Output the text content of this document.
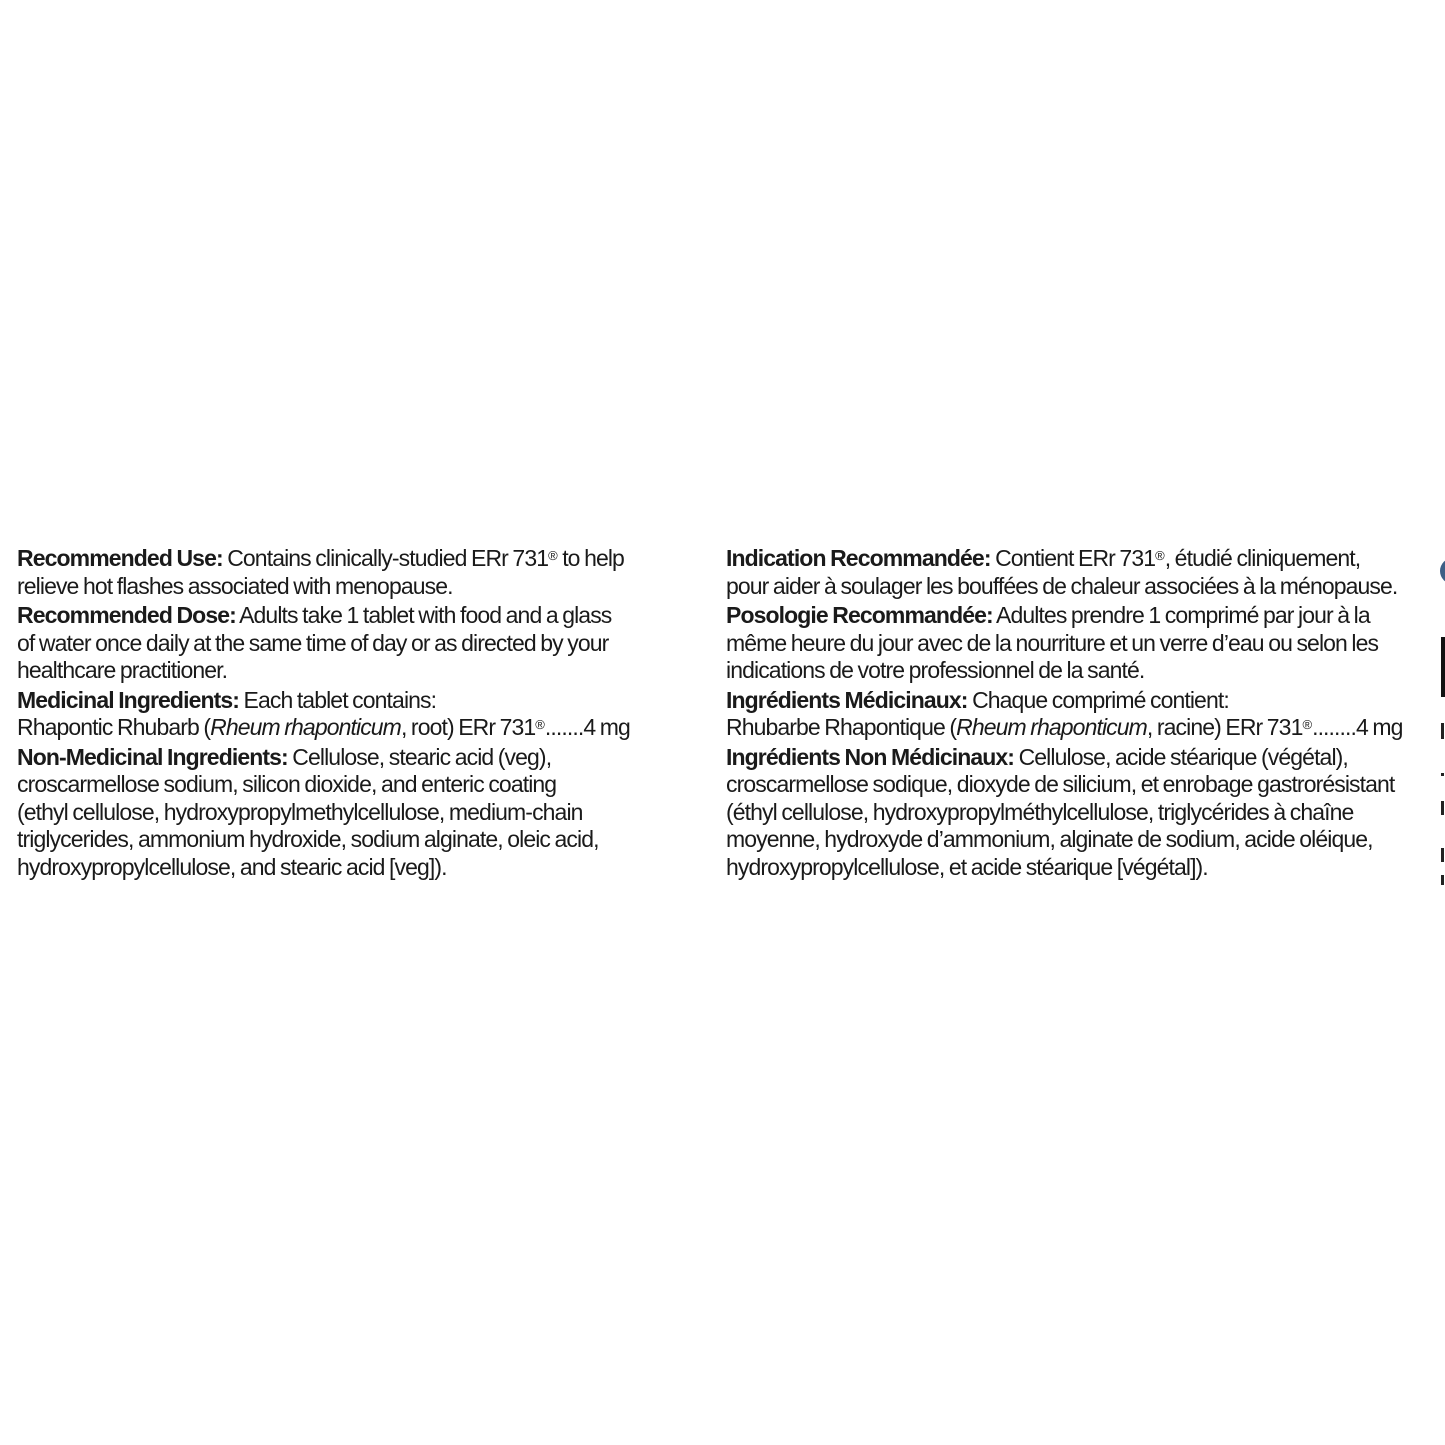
Recommended Use: Contains clinically-studied ERr 731® to help
relieve hot flashes associated with menopause.
Recommended Dose: Adults take 1 tablet with food and a glass
of water once daily at the same time of day or as directed by your
healthcare practitioner.
Medicinal Ingredients: Each tablet contains:
Rhapontic Rhubarb (Rheum rhaponticum, root) ERr 731®.......4 mg
Non-Medicinal Ingredients: Cellulose, stearic acid (veg),
croscarmellose sodium, silicon dioxide, and enteric coating
(ethyl cellulose, hydroxypropylmethylcellulose, medium-chain
triglycerides, ammonium hydroxide, sodium alginate, oleic acid,
hydroxypropylcellulose, and stearic acid [veg]).
Indication Recommandée: Contient ERr 731®, étudié cliniquement,
pour aider à soulager les bouffées de chaleur associées à la ménopause.
Posologie Recommandée: Adultes prendre 1 comprimé par jour à la
même heure du jour avec de la nourriture et un verre d’eau ou selon les
indications de votre professionnel de la santé.
Ingrédients Médicinaux: Chaque comprimé contient:
Rhubarbe Rhapontique (Rheum rhaponticum, racine) ERr 731®........4 mg
Ingrédients Non Médicinaux: Cellulose, acide stéarique (végétal),
croscarmellose sodique, dioxyde de silicium, et enrobage gastrorésistant
(éthyl cellulose, hydroxypropylméthylcellulose, triglycérides à chaîne
moyenne, hydroxyde d’ammonium, alginate de sodium, acide oléique,
hydroxypropylcellulose, et acide stéarique [végétal]).
